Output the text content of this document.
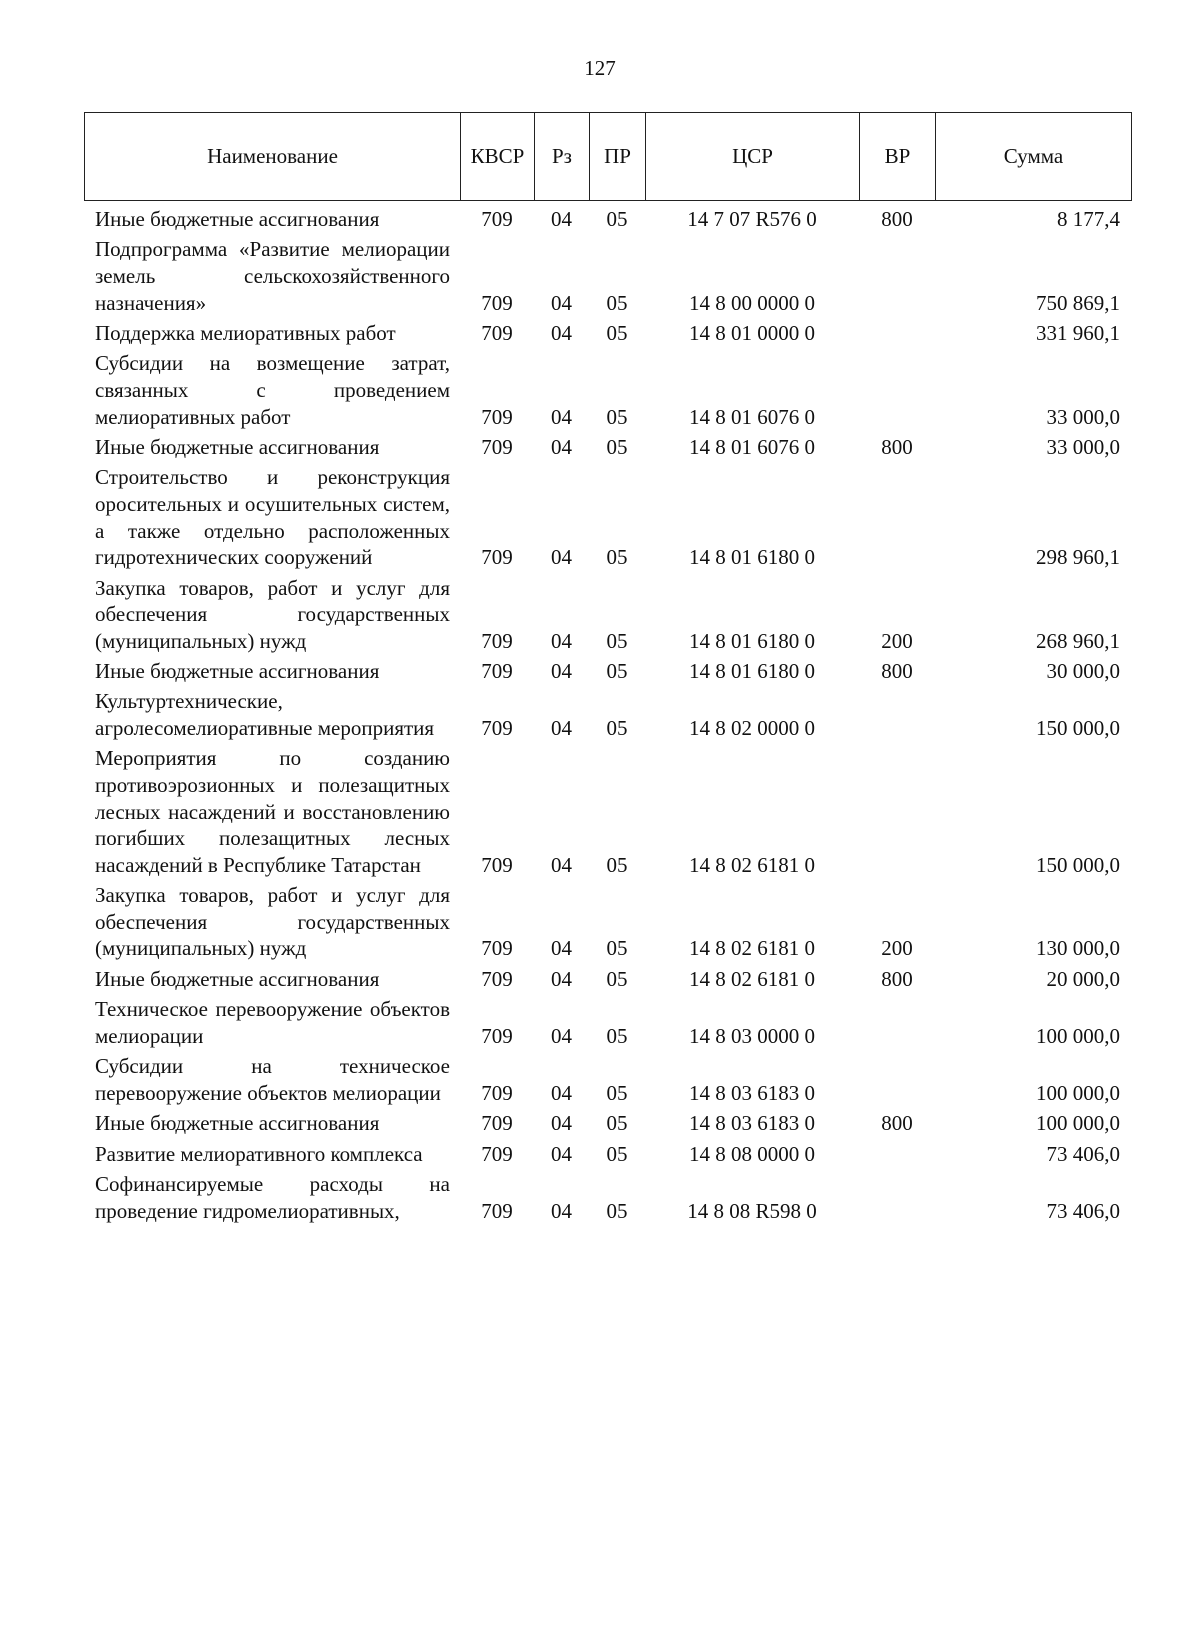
127
Наименование	КВСР	Рз	ПР	ЦСР	ВР	Сумма
Иные бюджетные ассигнования	709	04	05	14 7 07 R576 0	800	8 177,4
Подпрограмма «Развитие мелиорации земель сельскохозяйственного назначения»	709	04	05	14 8 00 0000 0		750 869,1
Поддержка мелиоративных работ	709	04	05	14 8 01 0000 0		331 960,1
Субсидии на возмещение затрат, связанных с проведением мелиоративных работ	709	04	05	14 8 01 6076 0		33 000,0
Иные бюджетные ассигнования	709	04	05	14 8 01 6076 0	800	33 000,0
Строительство и реконструкция оросительных и осушительных систем, а также отдельно расположенных гидротехнических сооружений	709	04	05	14 8 01 6180 0		298 960,1
Закупка товаров, работ и услуг для обеспечения государственных (муниципальных) нужд	709	04	05	14 8 01 6180 0	200	268 960,1
Иные бюджетные ассигнования	709	04	05	14 8 01 6180 0	800	30 000,0
Культуртехнические, агролесомелиоративные мероприятия	709	04	05	14 8 02 0000 0		150 000,0
Мероприятия по созданию противоэрозионных и полезащитных лесных насаждений и восстановлению погибших полезащитных лесных насаждений в Республике Татарстан	709	04	05	14 8 02 6181 0		150 000,0
Закупка товаров, работ и услуг для обеспечения государственных (муниципальных) нужд	709	04	05	14 8 02 6181 0	200	130 000,0
Иные бюджетные ассигнования	709	04	05	14 8 02 6181 0	800	20 000,0
Техническое перевооружение объектов мелиорации	709	04	05	14 8 03 0000 0		100 000,0
Субсидии на техническое перевооружение объектов мелиорации	709	04	05	14 8 03 6183 0		100 000,0
Иные бюджетные ассигнования	709	04	05	14 8 03 6183 0	800	100 000,0
Развитие мелиоративного комплекса	709	04	05	14 8 08 0000 0		73 406,0
Софинансируемые расходы на проведение гидромелиоративных,	709	04	05	14 8 08 R598 0		73 406,0
